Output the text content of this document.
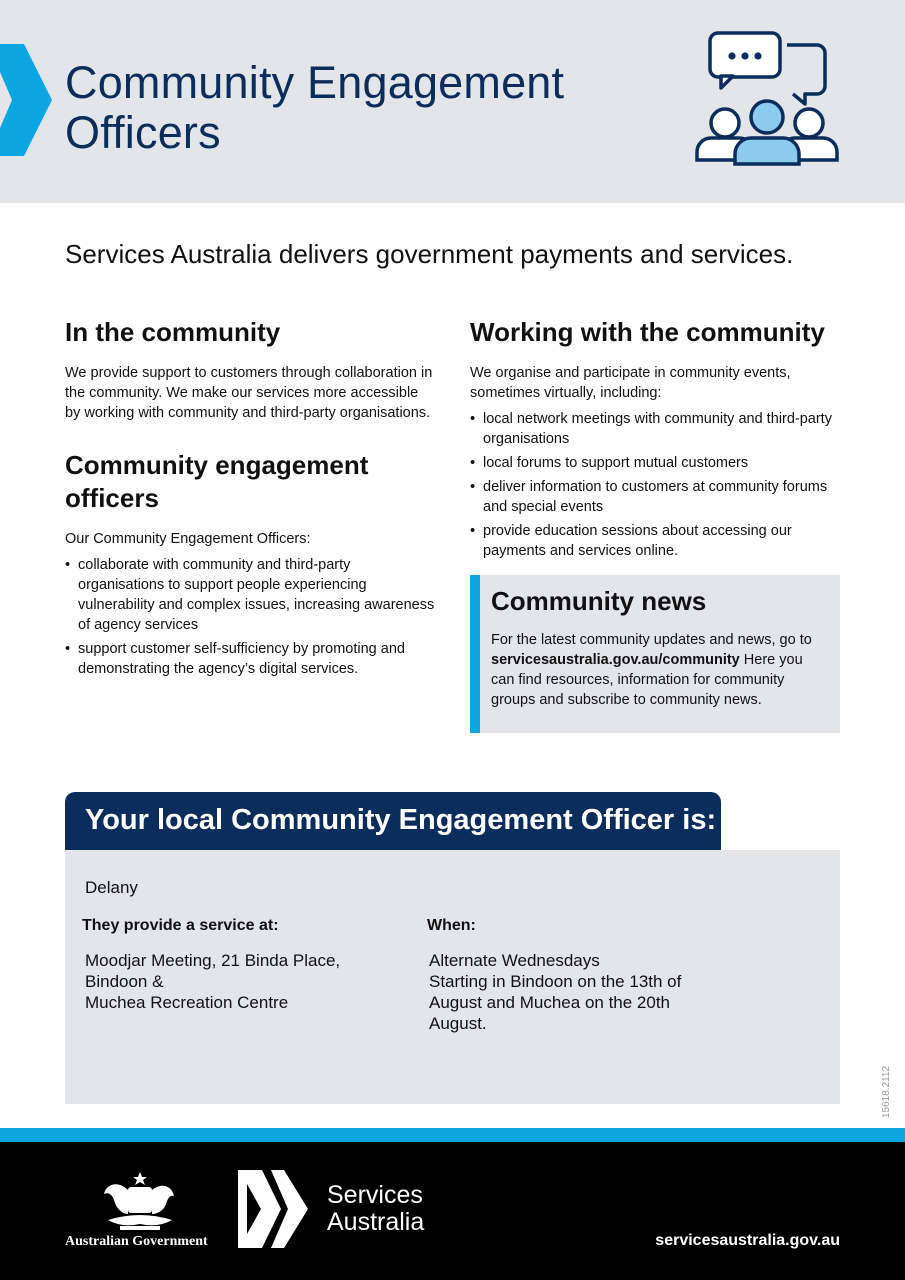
Community Engagement
Officers
Services Australia delivers government payments and services.
In the community

We provide support to customers through collaboration in the community. We make our services more accessible by working with community and third-party organisations.

Community engagement officers

Our Community Engagement Officers:

• collaborate with community and third-party organisations to support people experiencing vulnerability and complex issues, increasing awareness of agency services
• support customer self-sufficiency by promoting and demonstrating the agency’s digital services.
Working with the community

We organise and participate in community events, sometimes virtually, including:

• local network meetings with community and third-party organisations
• local forums to support mutual customers
• deliver information to customers at community forums and special events
• provide education sessions about accessing our payments and services online.
Community news

For the latest community updates and news, go to servicesaustralia.gov.au/community Here you can find resources, information for community groups and subscribe to community news.

Your local Community Engagement Officer is:
Delany
They provide a service at:	When:
Moodjar Meeting, 21 Binda Place,
Bindoon &
Muchea Recreation Centre
Alternate Wednesdays
Starting in Bindoon on the 13th of
August and Muchea on the 20th
August.
15618.2112
Australian Government
Services
Australia
servicesaustralia.gov.au
